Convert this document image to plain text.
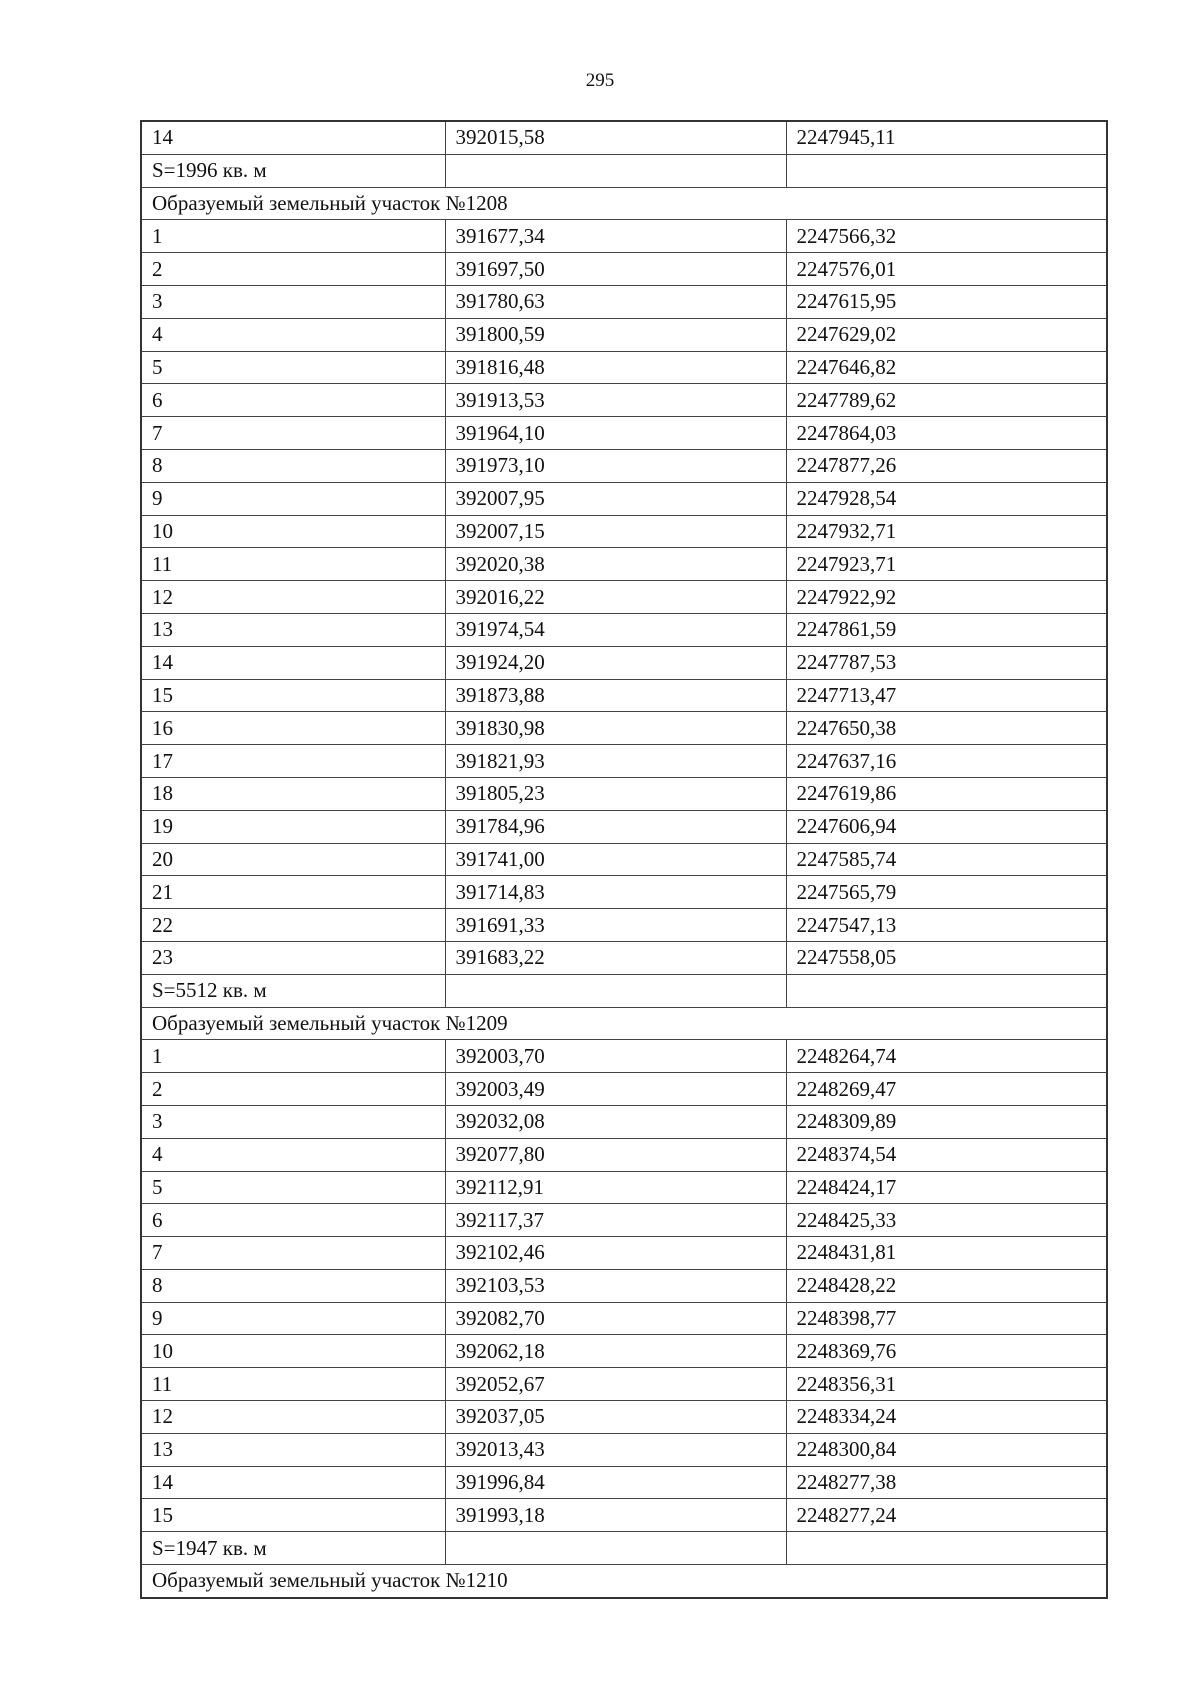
295
14	392015,58	2247945,11
S=1996 кв. м		
Образуемый земельный участок №1208		
1	391677,34	2247566,32
2	391697,50	2247576,01
3	391780,63	2247615,95
4	391800,59	2247629,02
5	391816,48	2247646,82
6	391913,53	2247789,62
7	391964,10	2247864,03
8	391973,10	2247877,26
9	392007,95	2247928,54
10	392007,15	2247932,71
11	392020,38	2247923,71
12	392016,22	2247922,92
13	391974,54	2247861,59
14	391924,20	2247787,53
15	391873,88	2247713,47
16	391830,98	2247650,38
17	391821,93	2247637,16
18	391805,23	2247619,86
19	391784,96	2247606,94
20	391741,00	2247585,74
21	391714,83	2247565,79
22	391691,33	2247547,13
23	391683,22	2247558,05
S=5512 кв. м		
Образуемый земельный участок №1209		
1	392003,70	2248264,74
2	392003,49	2248269,47
3	392032,08	2248309,89
4	392077,80	2248374,54
5	392112,91	2248424,17
6	392117,37	2248425,33
7	392102,46	2248431,81
8	392103,53	2248428,22
9	392082,70	2248398,77
10	392062,18	2248369,76
11	392052,67	2248356,31
12	392037,05	2248334,24
13	392013,43	2248300,84
14	391996,84	2248277,38
15	391993,18	2248277,24
S=1947 кв. м		
Образуемый земельный участок №1210		
